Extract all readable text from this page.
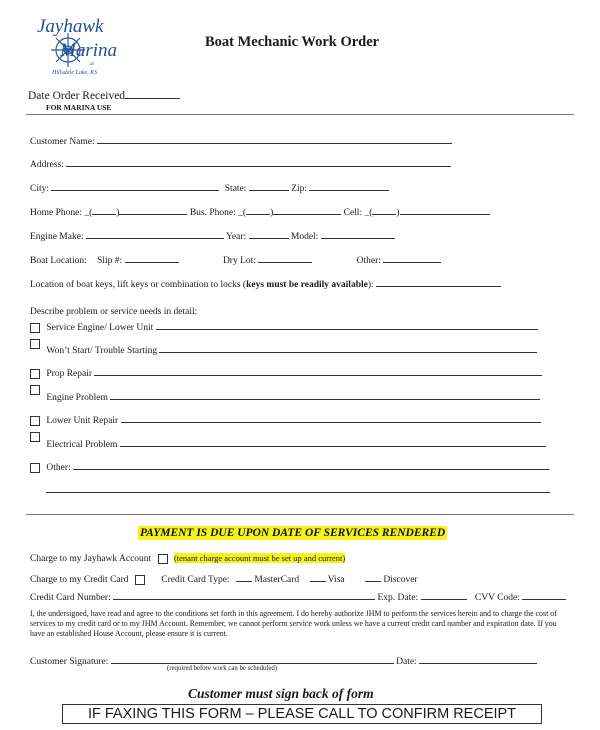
Jayhawk
Marina
at
Hillsdale Lake, KS
Boat Mechanic Work Order
Date Order Received
FOR MARINA USE
Customer Name:
Address:
City:	State:	Zip:
Home Phone: _(	)	Bus. Phone: _(	)	Cell: _(	)
Engine Make:	Year:	Model:
Boat Location: Slip #:	Dry Lot:	Other:
Location of boat keys, lift keys or combination to locks (keys must be readily available):
Describe problem or service needs in detail:
Service Engine/ Lower Unit
Won’t Start/ Trouble Starting
Prop Repair
Engine Problem
Lower Unit Repair
Electrical Problem
Other:
PAYMENT IS DUE UPON DATE OF SERVICES RENDERED
Charge to my Jayhawk Account	(tenant charge account must be set up and current)
Charge to my Credit Card	Credit Card Type:	MasterCard	Visa	Discover
Credit Card Number:	Exp. Date:	CVV Code:
I, the undersigned, have read and agree to the conditions set forth in this agreement. I do hereby authorize JHM to perform the services herein and to charge the cost of services to my credit card or to my JHM Account. Remember, we cannot perform service work unless we have a current credit card number and expiration date. If you have an established House Account, please ensure it is current.
Customer Signature:	Date:
(required before work can be scheduled)
Customer must sign back of form
IF FAXING THIS FORM – PLEASE CALL TO CONFIRM RECEIPT
